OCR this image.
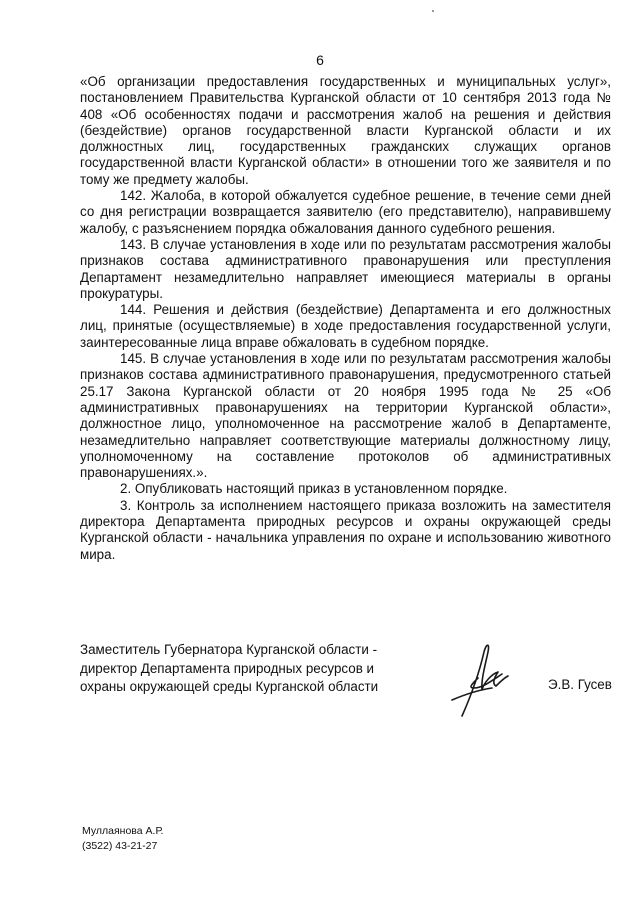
6

«Об организации предоставления государственных и муниципальных услуг», постановлением Правительства Курганской области от 10 сентября 2013 года № 408 «Об особенностях подачи и рассмотрения жалоб на решения и действия (бездействие) органов государственной власти Курганской области и их должностных лиц, государственных гражданских служащих органов государственной власти Курганской области» в отношении того же заявителя и по тому же предмету жалобы.

142. Жалоба, в которой обжалуется судебное решение, в течение семи дней со дня регистрации возвращается заявителю (его представителю), направившему жалобу, с разъяснением порядка обжалования данного судебного решения.

143. В случае установления в ходе или по результатам рассмотрения жалобы признаков состава административного правонарушения или преступления Департамент незамедлительно направляет имеющиеся материалы в органы прокуратуры.

144. Решения и действия (бездействие) Департамента и его должностных лиц, принятые (осуществляемые) в ходе предоставления государственной услуги, заинтересованные лица вправе обжаловать в судебном порядке.

145. В случае установления в ходе или по результатам рассмотрения жалобы признаков состава административного правонарушения, предусмотренного статьей 25.17 Закона Курганской области от 20 ноября 1995 года № 25 «Об административных правонарушениях на территории Курганской области», должностное лицо, уполномоченное на рассмотрение жалоб в Департаменте, незамедлительно направляет соответствующие материалы должностному лицу, уполномоченному на составление протоколов об административных правонарушениях.».

2. Опубликовать настоящий приказ в установленном порядке.

3. Контроль за исполнением настоящего приказа возложить на заместителя директора Департамента природных ресурсов и охраны окружающей среды Курганской области - начальника управления по охране и использованию животного мира.

Заместитель Губернатора Курганской области -
директор Департамента природных ресурсов и
охраны окружающей среды Курганской области	Э.В. Гусев
Муллаянова А.Р.
(3522) 43-21-27
